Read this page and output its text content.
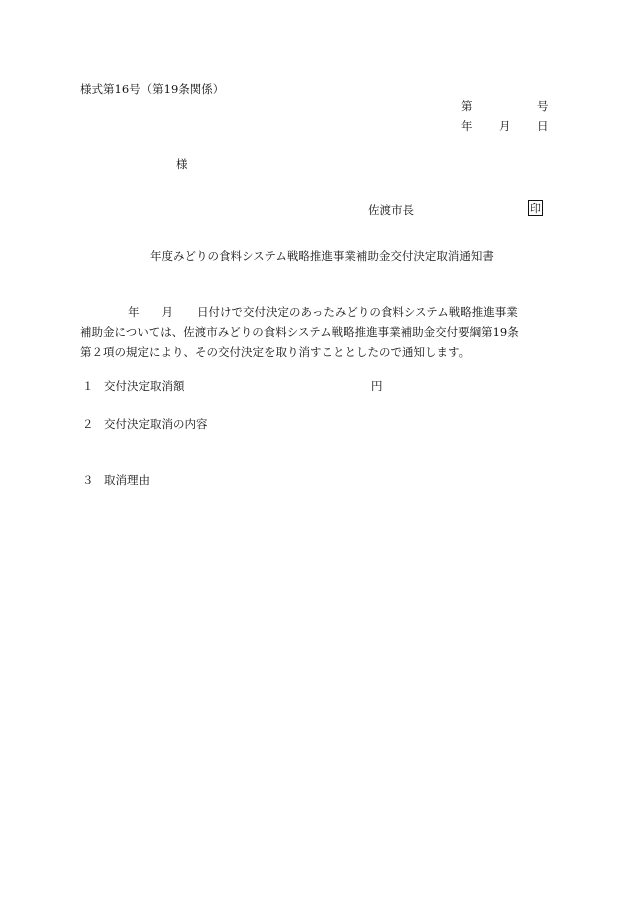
様式第16号（第19条関係）
第	号
年 月 日
様
佐渡市長	印
年度みどりの食料システム戦略推進事業補助金交付決定取消通知書
年 月 日付けで交付決定のあったみどりの食料システム戦略推進事業
補助金については、佐渡市みどりの食料システム戦略推進事業補助金交付要綱第19条
第２項の規定により、その交付決定を取り消すこととしたので通知します。
１ 交付決定取消額	円
２ 交付決定取消の内容
３ 取消理由
